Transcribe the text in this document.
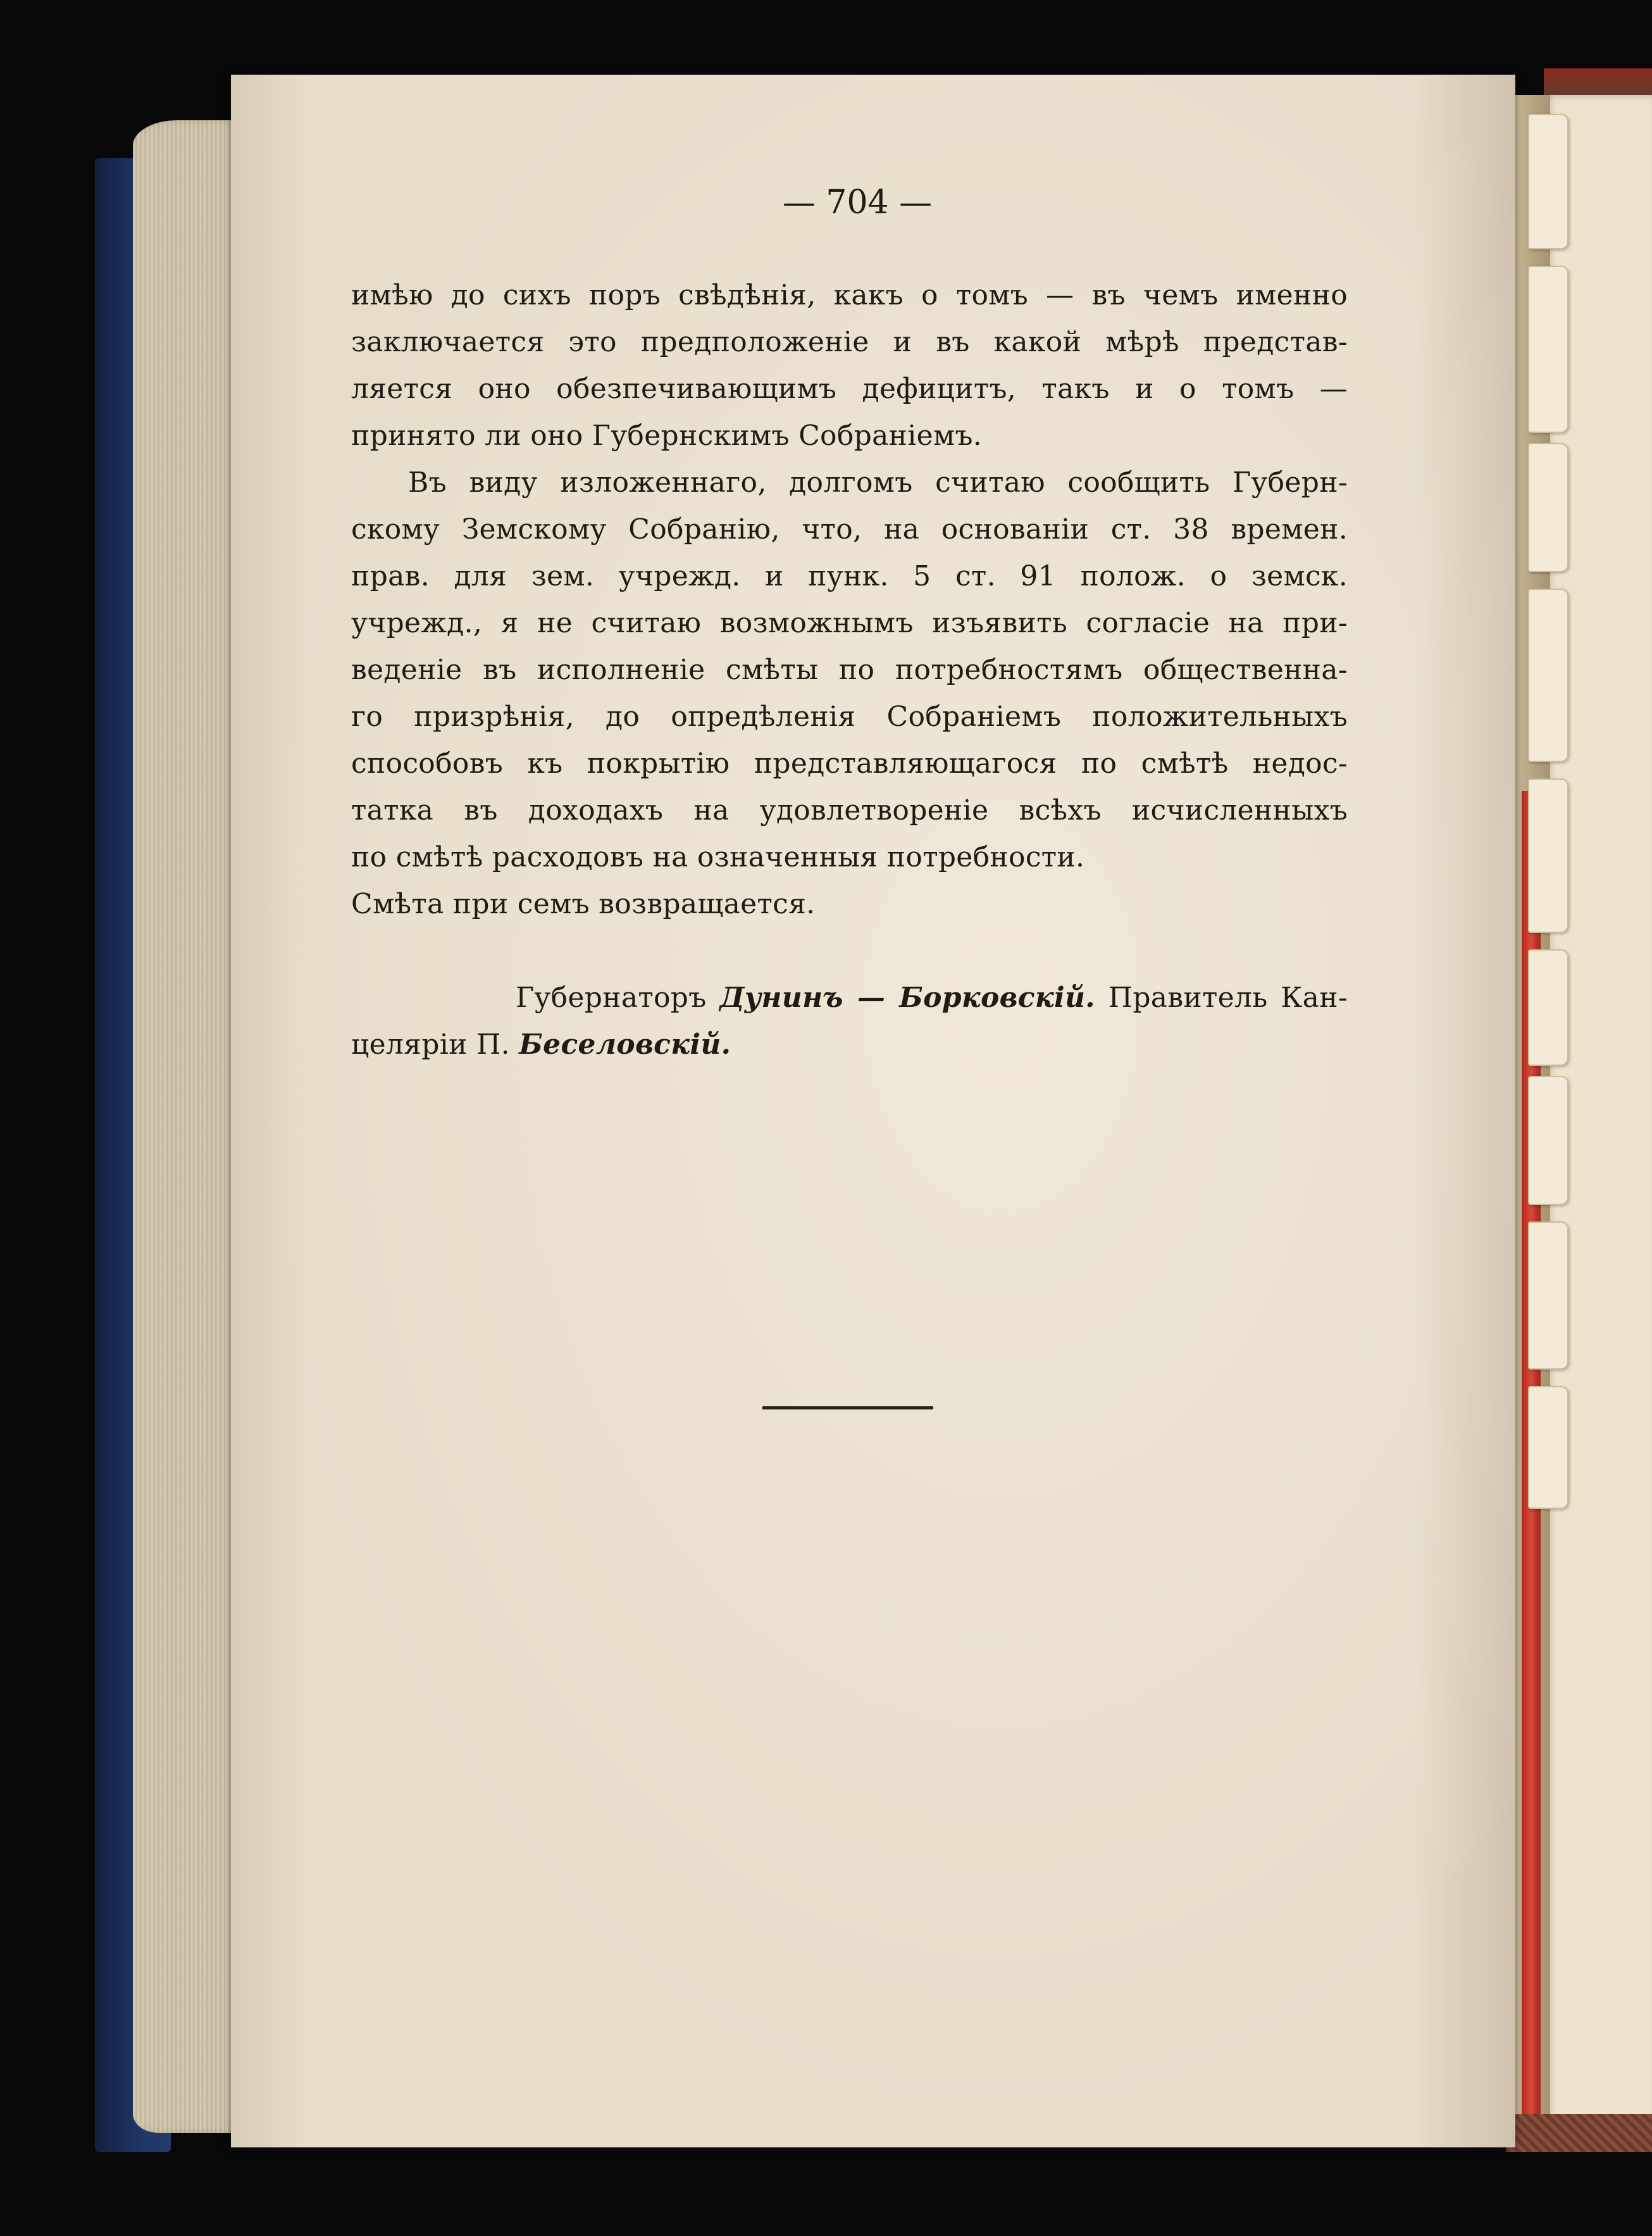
— 704 —
имѣю до сихъ поръ свѣдѣнія, какъ о томъ — въ чемъ именно
заключается это предположеніе и въ какой мѣрѣ представ-
ляется оно обезпечивающимъ дефицитъ, такъ и о томъ —
принято ли оно Губернскимъ Собраніемъ.
Въ виду изложеннаго, долгомъ считаю сообщить Губерн-
скому Земскому Собранію, что, на основаніи ст. 38 времен.
прав. для зем. учрежд. и пунк. 5 ст. 91 полож. о земск.
учрежд., я не считаю возможнымъ изъявить согласіе на при-
веденіе въ исполненіе смѣты по потребностямъ общественна-
го призрѣнія, до опредѣленія Собраніемъ положительныхъ
способовъ къ покрытію представляющагося по смѣтѣ недос-
татка въ доходахъ на удовлетвореніе всѣхъ исчисленныхъ
по смѣтѣ расходовъ на означенныя потребности.
Смѣта при семъ возвращается.
Губернаторъ Дунинъ — Борковскій. Правитель Кан-
целяріи П. Беселовскій.
